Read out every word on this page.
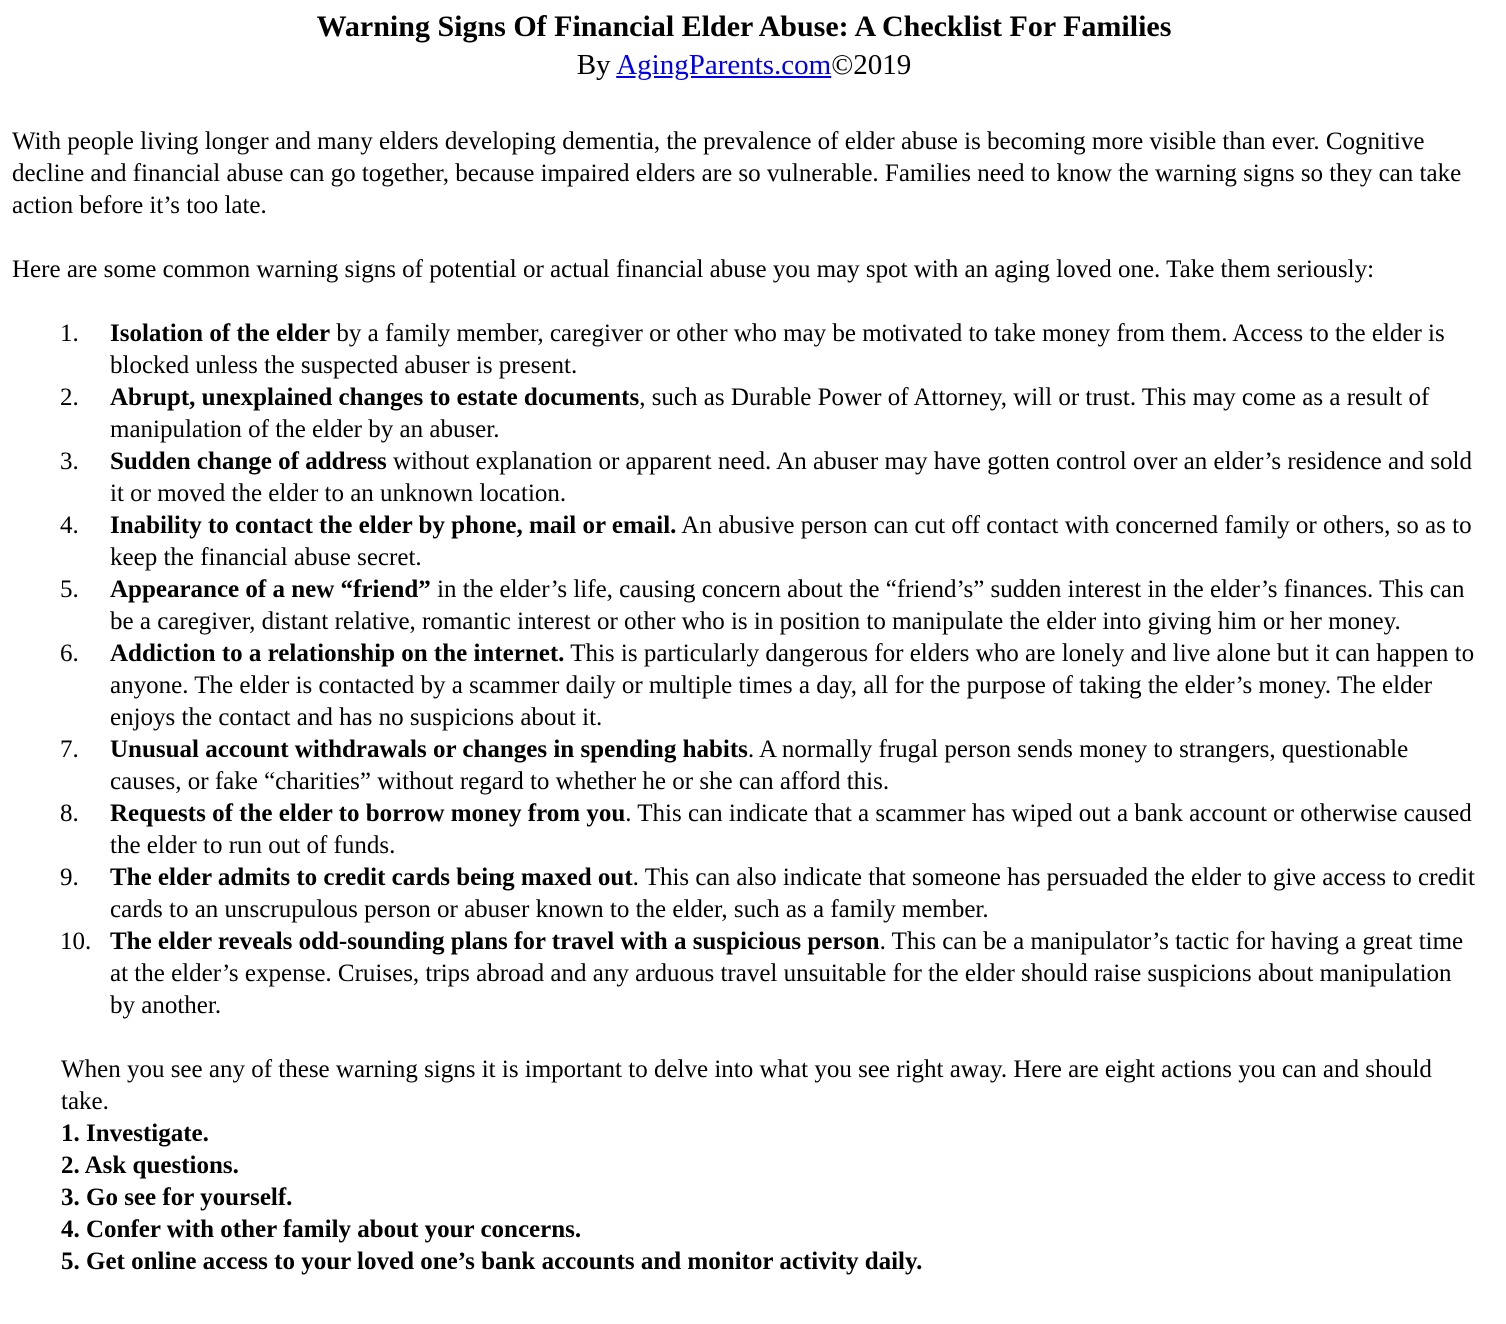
Warning Signs Of Financial Elder Abuse: A Checklist For Families
By AgingParents.com©2019

With people living longer and many elders developing dementia, the prevalence of elder abuse is becoming more visible than ever. Cognitive decline and financial abuse can go together, because impaired elders are so vulnerable. Families need to know the warning signs so they can take action before it’s too late.

Here are some common warning signs of potential or actual financial abuse you may spot with an aging loved one. Take them seriously:

1. Isolation of the elder by a family member, caregiver or other who may be motivated to take money from them. Access to the elder is blocked unless the suspected abuser is present.
2. Abrupt, unexplained changes to estate documents, such as Durable Power of Attorney, will or trust. This may come as a result of manipulation of the elder by an abuser.
3. Sudden change of address without explanation or apparent need. An abuser may have gotten control over an elder’s residence and sold it or moved the elder to an unknown location.
4. Inability to contact the elder by phone, mail or email. An abusive person can cut off contact with concerned family or others, so as to keep the financial abuse secret.
5. Appearance of a new “friend” in the elder’s life, causing concern about the “friend’s” sudden interest in the elder’s finances. This can be a caregiver, distant relative, romantic interest or other who is in position to manipulate the elder into giving him or her money.
6. Addiction to a relationship on the internet. This is particularly dangerous for elders who are lonely and live alone but it can happen to anyone. The elder is contacted by a scammer daily or multiple times a day, all for the purpose of taking the elder’s money. The elder enjoys the contact and has no suspicions about it.
7. Unusual account withdrawals or changes in spending habits. A normally frugal person sends money to strangers, questionable causes, or fake “charities” without regard to whether he or she can afford this.
8. Requests of the elder to borrow money from you. This can indicate that a scammer has wiped out a bank account or otherwise caused the elder to run out of funds.
9. The elder admits to credit cards being maxed out. This can also indicate that someone has persuaded the elder to give access to credit cards to an unscrupulous person or abuser known to the elder, such as a family member.
10. The elder reveals odd-sounding plans for travel with a suspicious person. This can be a manipulator’s tactic for having a great time at the elder’s expense. Cruises, trips abroad and any arduous travel unsuitable for the elder should raise suspicions about manipulation by another.

When you see any of these warning signs it is important to delve into what you see right away. Here are eight actions you can and should take.

1. Investigate.
2. Ask questions.
3. Go see for yourself.
4. Confer with other family about your concerns.
5. Get online access to your loved one’s bank accounts and monitor activity daily.
